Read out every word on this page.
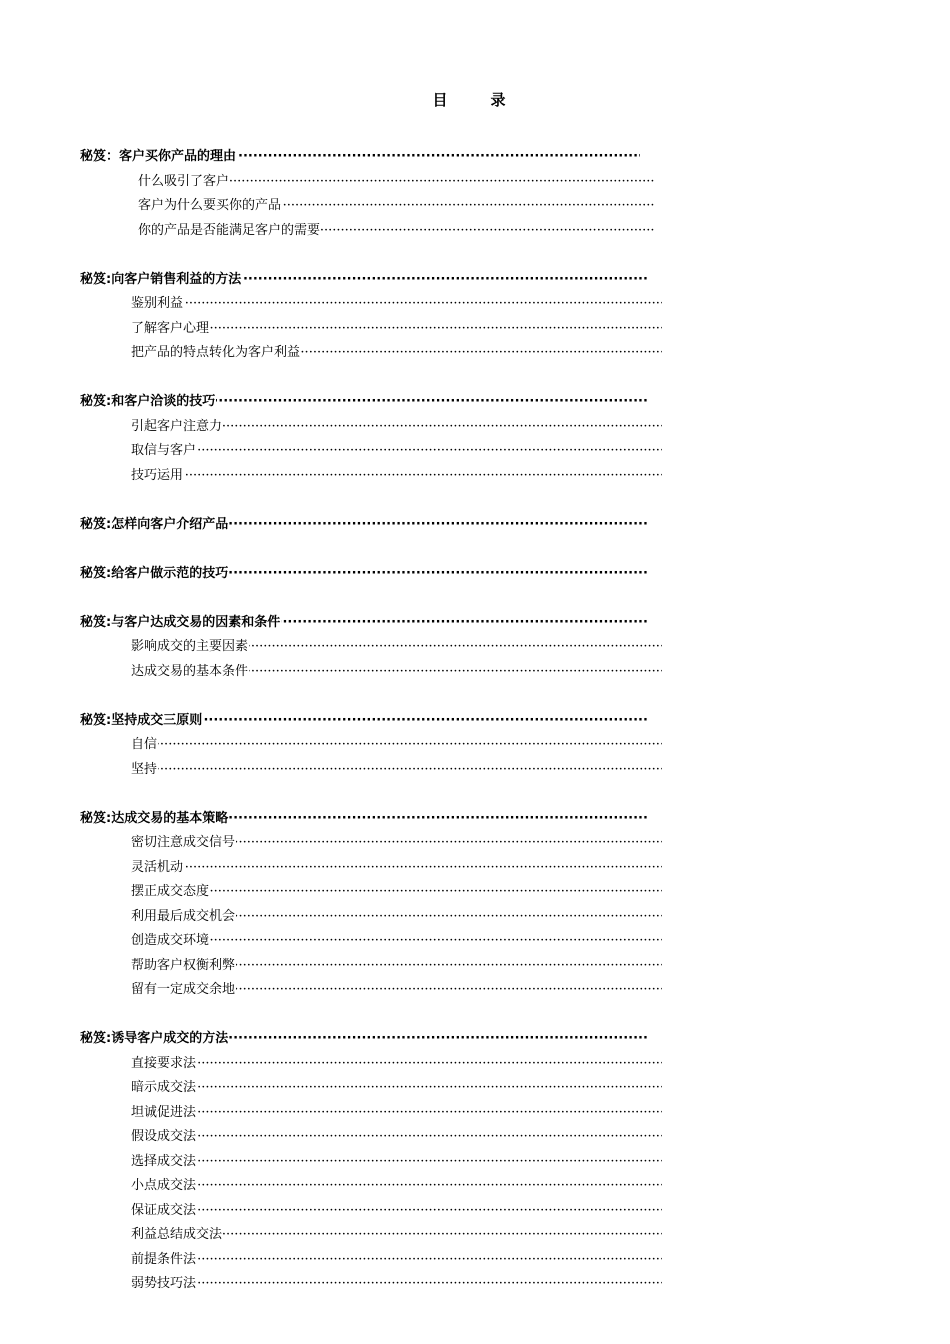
目　录
·····
秘笈：客户买你产品的理由
·····
什么吸引了客户
·····
客户为什么要买你的产品
·····
你的产品是否能满足客户的需要
·····
秘笈:向客户销售利益的方法
·····
鉴别利益
·····
了解客户心理
·····
把产品的特点转化为客户利益
·····
秘笈:和客户洽谈的技巧
·····
引起客户注意力
·····
取信与客户
·····
技巧运用
·····
秘笈:怎样向客户介绍产品
·····
秘笈:给客户做示范的技巧
·····
秘笈:与客户达成交易的因素和条件
·····
影响成交的主要因素
·····
达成交易的基本条件
·····
秘笈:坚持成交三原则
·····
自信
·····
坚持
·····
秘笈:达成交易的基本策略
·····
密切注意成交信号
·····
灵活机动
·····
摆正成交态度
·····
利用最后成交机会
·····
创造成交环境
·····
帮助客户权衡利弊
·····
留有一定成交余地
·····
秘笈:诱导客户成交的方法
·····
直接要求法
·····
暗示成交法
·····
坦诚促进法
·····
假设成交法
·····
选择成交法
·····
小点成交法
·····
保证成交法
·····
利益总结成交法
·····
前提条件法
·····
弱势技巧法
